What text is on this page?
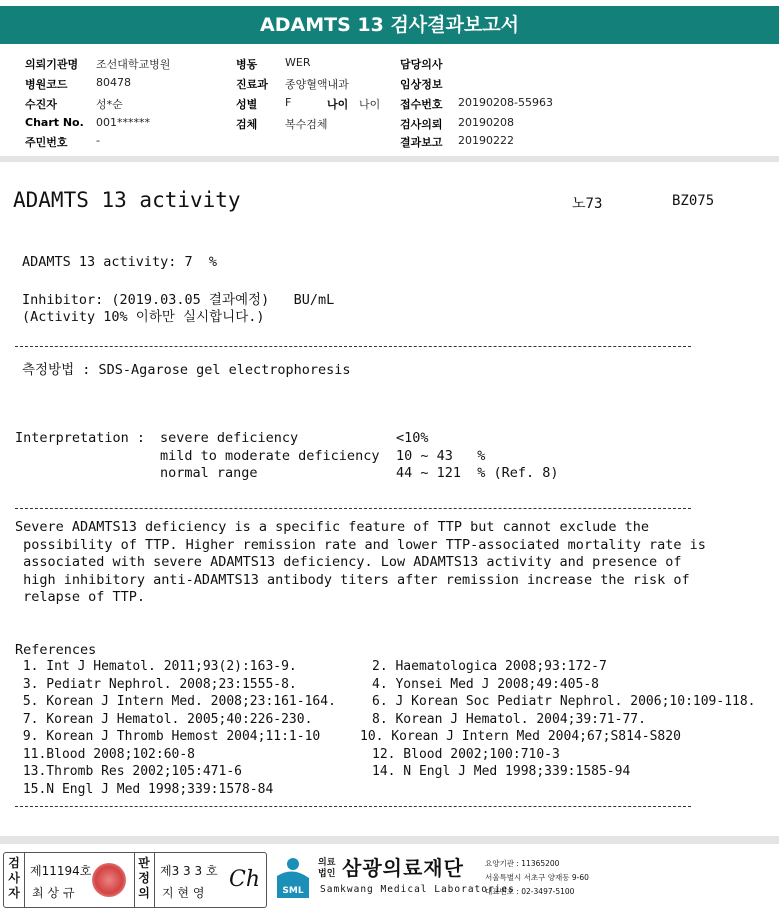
ADAMTS 13 검사결과보고서
의뢰기관명 조선대학교병원
병원코드	80478
수진자	성*순
Chart No. 001******
주민번호	-
병동	WER
진료과 종양혈액내과
성별	F	나이 나이
검체	복수검체
담당의사
임상정보
접수번호 20190208-55963
검사의뢰 20190208
결과보고 20190222
ADAMTS 13 activity	노73	BZ075
ADAMTS 13 activity: 7  %
Inhibitor: (2019.03.05 결과예정)   BU/mL
(Activity 10% 이하만 실시합니다.)
측정방법 : SDS-Agarose gel electrophoresis
Interpretation : severe deficiency	<10%
mild to moderate deficiency 10 ~ 43   %
normal range	44 ~ 121  % (Ref. 8)
Severe ADAMTS13 deficiency is a specific feature of TTP but cannot exclude the
possibility of TTP. Higher remission rate and lower TTP-associated mortality rate is
associated with severe ADAMTS13 deficiency. Low ADAMTS13 activity and presence of
high inhibitory anti-ADAMTS13 antibody titers after remission increase the risk of
relapse of TTP.
References
1. Int J Hematol. 2011;93(2):163-9.
3. Pediatr Nephrol. 2008;23:1555-8.
5. Korean J Intern Med. 2008;23:161-164.
7. Korean J Hematol. 2005;40:226-230.
9. Korean J Thromb Hemost 2004;11:1-10
11.Blood 2008;102:60-8
13.Thromb Res 2002;105:471-6
15.N Engl J Med 1998;339:1578-84
2. Haematologica 2008;93:172-7
4. Yonsei Med J 2008;49:405-8
6. J Korean Soc Pediatr Nephrol. 2006;10:109-118.
8. Korean J Hematol. 2004;39:71-77.
10. Korean J Intern Med 2004;67;S814-S820
12. Blood 2002;100:710-3
14. N Engl J Med 1998;339:1585-94
검사자
제11194호
최 상 규
판정의
제3 3 3 호
지 현 영
Ch SML
의료법인 삼광의료재단
Samkwang Medical Laboratories
요양기관 : 11365200
서울특별시 서초구 양재동 9-60
대표번호 : 02-3497-5100
